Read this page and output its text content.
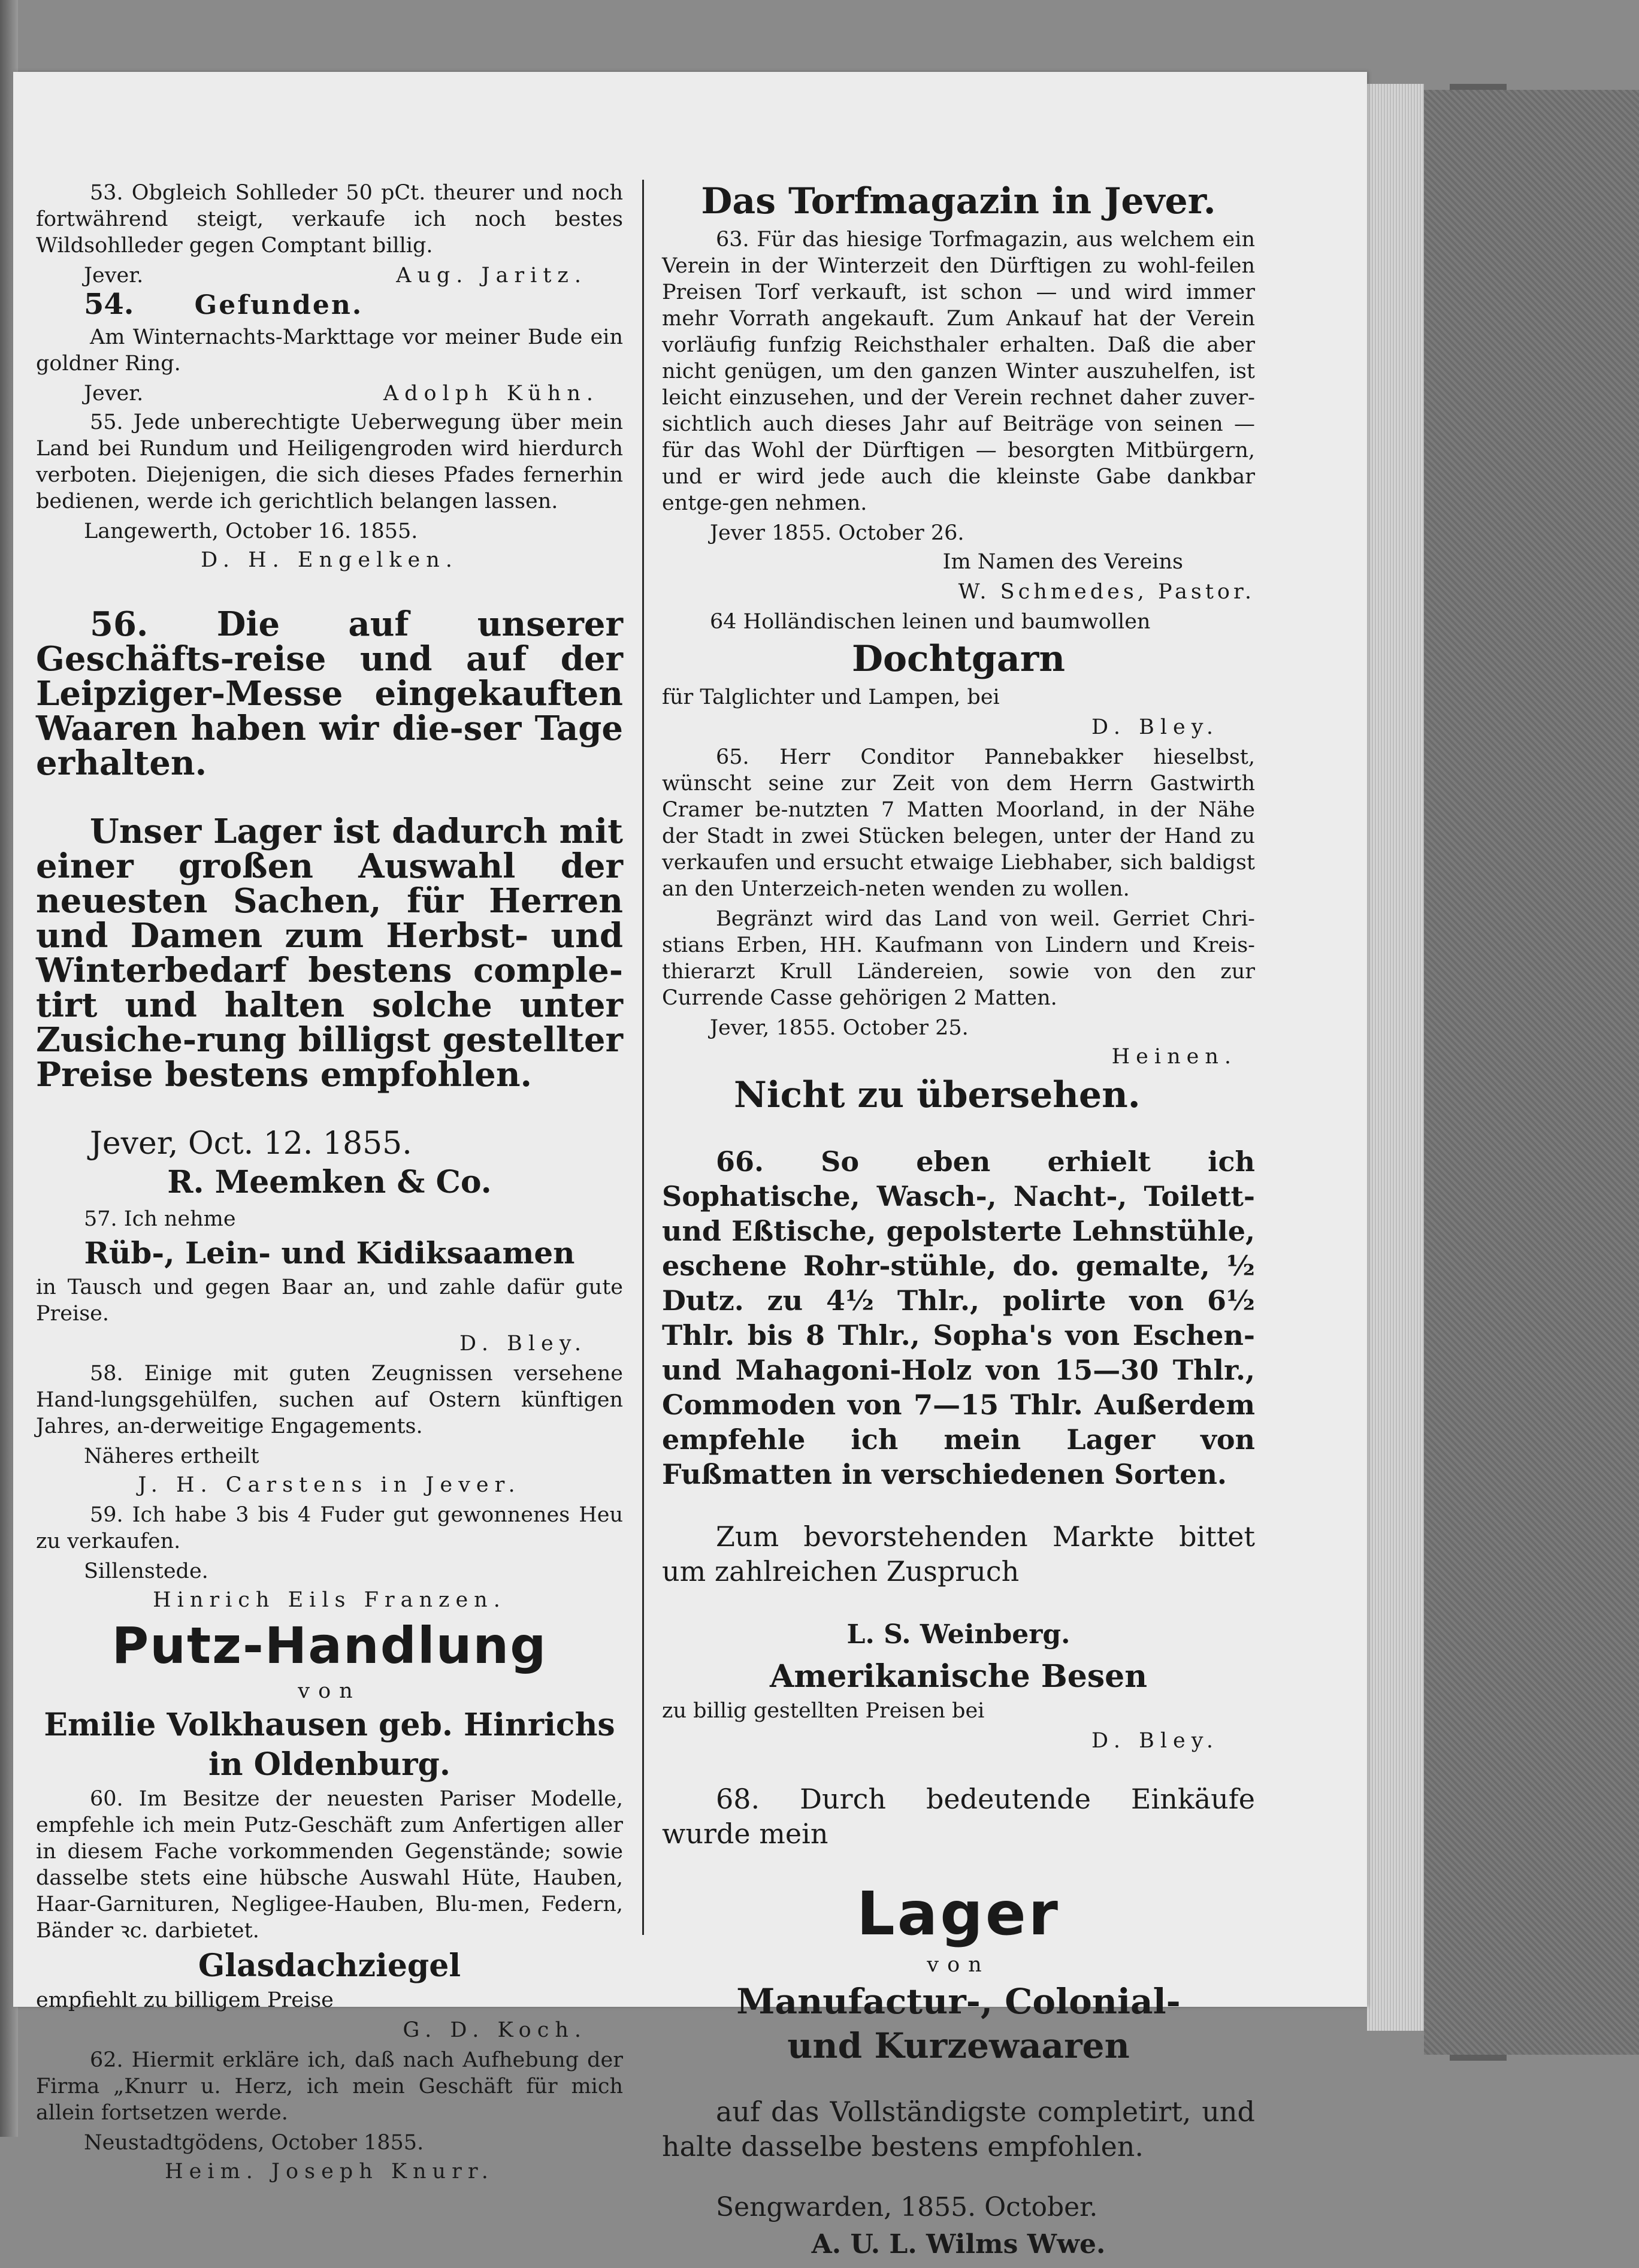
53. Obgleich Sohlleder 50 pCt. theurer und noch fortwährend steigt, verkaufe ich noch bestes Wildsohlleder gegen Comptant billig.

Jever.	Aug. Jaritz.

54. Gefunden.

Am Winternachts-Markttage vor meiner Bude ein goldner Ring.

Jever.	Adolph Kühn.

55. Jede unberechtigte Ueberwegung über mein Land bei Rundum und Heiligengroden wird hierdurch verboten. Diejenigen, die sich dieses Pfades fernerhin bedienen, werde ich gerichtlich belangen lassen.

Langewerth, October 16. 1855.

D. H. Engelken.

56. Die auf unserer Geschäfts-reise und auf der Leipziger-Messe eingekauften Waaren haben wir die-ser Tage erhalten.

Unser Lager ist dadurch mit einer großen Auswahl der neuesten Sachen, für Herren und Damen zum Herbst- und Winterbedarf bestens comple-tirt und halten solche unter Zusiche-rung billigst gestellter Preise bestens empfohlen.

Jever, Oct. 12. 1855.

R. Meemken & Co.

57. Ich nehme

Rüb-, Lein- und Kidiksaamen

in Tausch und gegen Baar an, und zahle dafür gute Preise.

D. Bley.

58. Einige mit guten Zeugnissen versehene Hand-lungsgehülfen, suchen auf Ostern künftigen Jahres, an-derweitige Engagements.

Näheres ertheilt

J. H. Carstens in Jever.

59. Ich habe 3 bis 4 Fuder gut gewonnenes Heu zu verkaufen.

Sillenstede.

Hinrich Eils Franzen.

Putz-Handlung

von

Emilie Volkhausen geb. Hinrichs

in Oldenburg.

60. Im Besitze der neuesten Pariser Modelle, empfehle ich mein Putz-Geschäft zum Anfertigen aller in diesem Fache vorkommenden Gegenstände; sowie dasselbe stets eine hübsche Auswahl Hüte, Hauben, Haar-Garnituren, Negligee-Hauben, Blu-men, Federn, Bänder ꝛc. darbietet.

Glasdachziegel

empfiehlt zu billigem Preise

G. D. Koch.

62. Hiermit erkläre ich, daß nach Aufhebung der Firma „Knurr u. Herz, ich mein Geschäft für mich allein fortsetzen werde.

Neustadtgödens, October 1855.

Heim. Joseph Knurr.

Das Torfmagazin in Jever.

63. Für das hiesige Torfmagazin, aus welchem ein Verein in der Winterzeit den Dürftigen zu wohl-feilen Preisen Torf verkauft, ist schon — und wird immer mehr Vorrath angekauft. Zum Ankauf hat der Verein vorläufig funfzig Reichsthaler erhalten. Daß die aber nicht genügen, um den ganzen Winter auszuhelfen, ist leicht einzusehen, und der Verein rechnet daher zuver-sichtlich auch dieses Jahr auf Beiträge von seinen — für das Wohl der Dürftigen — besorgten Mitbürgern, und er wird jede auch die kleinste Gabe dankbar entge-gen nehmen.

Jever 1855. October 26.

Im Namen des Vereins

W. Schmedes, Pastor.

64 Holländischen leinen und baumwollen

Dochtgarn

für Talglichter und Lampen, bei

D. Bley.

65. Herr Conditor Pannebakker hieselbst, wünscht seine zur Zeit von dem Herrn Gastwirth Cramer be-nutzten 7 Matten Moorland, in der Nähe der Stadt in zwei Stücken belegen, unter der Hand zu verkaufen und ersucht etwaige Liebhaber, sich baldigst an den Unterzeich-neten wenden zu wollen.

Begränzt wird das Land von weil. Gerriet Chri-stians Erben, HH. Kaufmann von Lindern und Kreis-thierarzt Krull Ländereien, sowie von den zur Currende Casse gehörigen 2 Matten.

Jever, 1855. October 25.

Heinen.

Nicht zu übersehen.

66. So eben erhielt ich Sophatische, Wasch-, Nacht-, Toilett- und Eßtische, gepolsterte Lehnstühle, eschene Rohr-stühle, do. gemalte, ½ Dutz. zu 4½ Thlr., polirte von 6½ Thlr. bis 8 Thlr., Sopha's von Eschen- und Mahagoni-Holz von 15—30 Thlr., Commoden von 7—15 Thlr. Außerdem empfehle ich mein Lager von Fußmatten in verschiedenen Sorten.

Zum bevorstehenden Markte bittet um zahlreichen Zuspruch

L. S. Weinberg.

Amerikanische Besen

zu billig gestellten Preisen bei

D. Bley.

68. Durch bedeutende Einkäufe wurde mein

Lager

von

Manufactur-, Colonial-

und Kurzewaaren

auf das Vollständigste completirt, und halte dasselbe bestens empfohlen.

Sengwarden, 1855. October.

A. U. L. Wilms Wwe.
